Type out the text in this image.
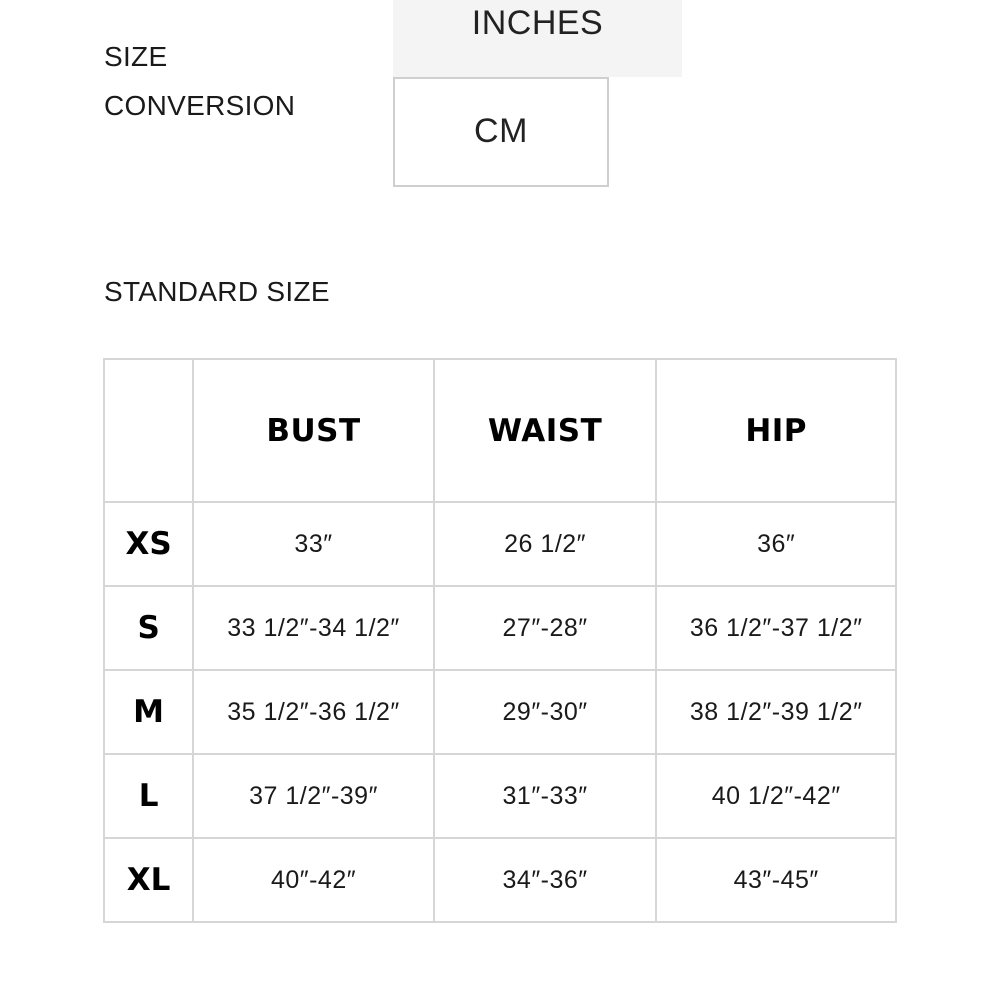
SIZE
CONVERSION
INCHES
CM
STANDARD SIZE
	BUST	WAIST	HIP
XS	33″	26 1/2″	36″
S	33 1/2″-34 1/2″	27″-28″	36 1/2″-37 1/2″
M	35 1/2″-36 1/2″	29″-30″	38 1/2″-39 1/2″
L	37 1/2″-39″	31″-33″	40 1/2″-42″
XL	40″-42″	34″-36″	43″-45″
